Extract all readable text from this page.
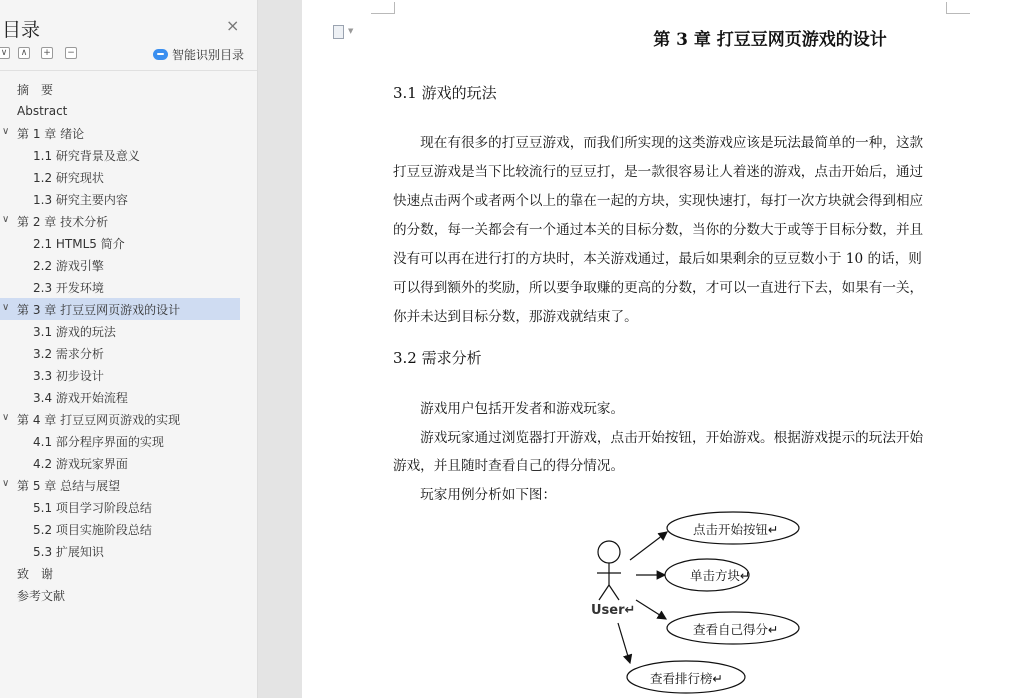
目录	×
∨	∧	+ −	智能识别目录
摘　要
Abstract
∨ 第 1 章 绪论
1.1 研究背景及意义
1.2 研究现状
1.3 研究主要内容
∨ 第 2 章 技术分析
2.1 HTML5 简介
2.2 游戏引擎
2.3 开发环境
∨ 第 3 章 打豆豆网页游戏的设计
3.1 游戏的玩法
3.2 需求分析
3.3 初步设计
3.4 游戏开始流程
∨ 第 4 章 打豆豆网页游戏的实现
4.1 部分程序界面的实现
4.2 游戏玩家界面
∨ 第 5 章 总结与展望
5.1 项目学习阶段总结
5.2 项目实施阶段总结
5.3 扩展知识
致　谢
参考文献
▼	第 3 章 打豆豆网页游戏的设计
3.1 游戏的玩法
　　现在有很多的打豆豆游戏，而我们所实现的这类游戏应该是玩法最简单的一种，这款
打豆豆游戏是当下比较流行的豆豆打，是一款很容易让人着迷的游戏，点击开始后，通过
快速点击两个或者两个以上的靠在一起的方块，实现快速打，每打一次方块就会得到相应
的分数，每一关都会有一个通过本关的目标分数，当你的分数大于或等于目标分数，并且
没有可以再在进行打的方块时，本关游戏通过，最后如果剩余的豆豆数小于 10 的话，则
可以得到额外的奖励，所以要争取赚的更高的分数，才可以一直进行下去，如果有一关，
你并未达到目标分数，那游戏就结束了。
3.2 需求分析
　　游戏用户包括开发者和游戏玩家。
　　游戏玩家通过浏览器打开游戏，点击开始按钮，开始游戏。根据游戏提示的玩法开始
游戏，并且随时查看自己的得分情况。
　　玩家用例分析如下图：
User↵
点击开始按钮↵
单击方块↵
查看自己得分↵
查看排行榜↵
